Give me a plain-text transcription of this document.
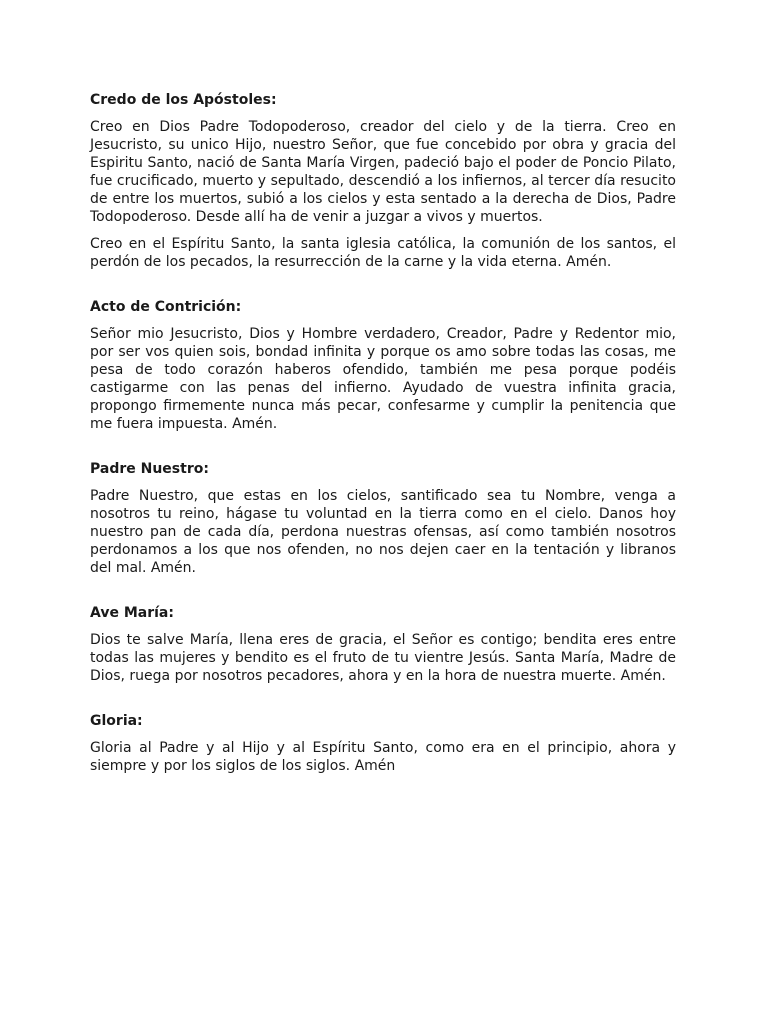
Credo de los Apóstoles:

Creo en Dios Padre Todopoderoso, creador del cielo y de la tierra. Creo en Jesucristo, su unico Hijo, nuestro Señor, que fue concebido por obra y gracia del Espiritu Santo, nació de Santa María Virgen, padeció bajo el poder de Poncio Pilato, fue crucificado, muerto y sepultado, descendió a los infiernos, al tercer día resucito de entre los muertos, subió a los cielos y esta sentado a la derecha de Dios, Padre Todopoderoso. Desde allí ha de venir a juzgar a vivos y muertos.

Creo en el Espíritu Santo, la santa iglesia católica, la comunión de los santos, el perdón de los pecados, la resurrección de la carne y la vida eterna. Amén.

Acto de Contrición:

Señor mio Jesucristo, Dios y Hombre verdadero, Creador, Padre y Redentor mio, por ser vos quien sois, bondad infinita y porque os amo sobre todas las cosas, me pesa de todo corazón haberos ofendido, también me pesa porque podéis castigarme con las penas del infierno. Ayudado de vuestra infinita gracia, propongo firmemente nunca más pecar, confesarme y cumplir la penitencia que me fuera impuesta. Amén.

Padre Nuestro:

Padre Nuestro, que estas en los cielos, santificado sea tu Nombre, venga a nosotros tu reino, hágase tu voluntad en la tierra como en el cielo. Danos hoy nuestro pan de cada día, perdona nuestras ofensas, así como también nosotros perdonamos a los que nos ofenden, no nos dejen caer en la tentación y libranos del mal. Amén.

Ave María:

Dios te salve María, llena eres de gracia, el Señor es contigo; bendita eres entre todas las mujeres y bendito es el fruto de tu vientre Jesús. Santa María, Madre de Dios, ruega por nosotros pecadores, ahora y en la hora de nuestra muerte. Amén.

Gloria:

Gloria al Padre y al Hijo y al Espíritu Santo, como era en el principio, ahora y siempre y por los siglos de los siglos. Amén
